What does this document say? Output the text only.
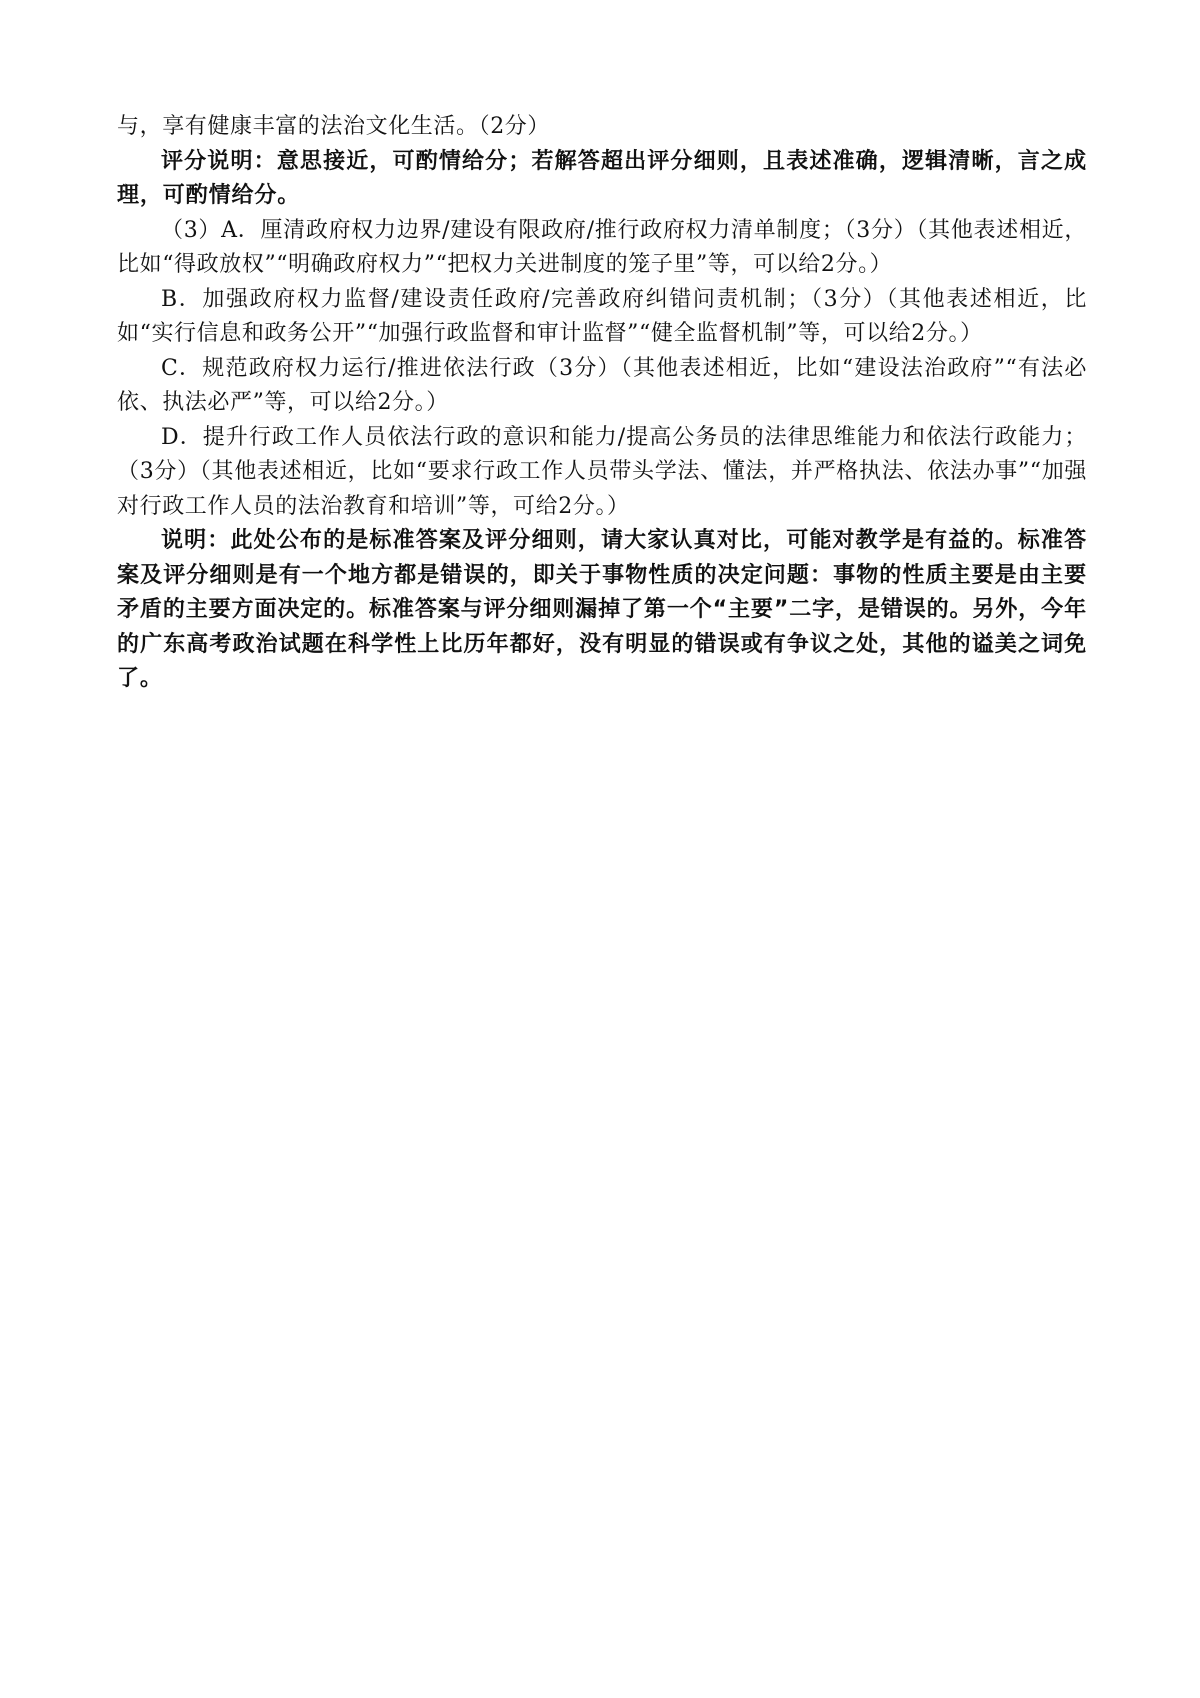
与，享有健康丰富的法治文化生活。（2分）

评分说明：意思接近，可酌情给分；若解答超出评分细则，且表述准确，逻辑清晰，言之成理，可酌情给分。

（3）A．厘清政府权力边界/建设有限政府/推行政府权力清单制度；（3分）（其他表述相近，比如“得政放权”“明确政府权力”“把权力关进制度的笼子里”等，可以给2分。）

B．加强政府权力监督/建设责任政府/完善政府纠错问责机制；（3分）（其他表述相近，比如“实行信息和政务公开”“加强行政监督和审计监督”“健全监督机制”等，可以给2分。）

C．规范政府权力运行/推进依法行政（3分）（其他表述相近，比如“建设法治政府”“有法必依、执法必严”等，可以给2分。）

D．提升行政工作人员依法行政的意识和能力/提高公务员的法律思维能力和依法行政能力；（3分）（其他表述相近，比如“要求行政工作人员带头学法、懂法，并严格执法、依法办事”“加强对行政工作人员的法治教育和培训”等，可给2分。）

说明：此处公布的是标准答案及评分细则，请大家认真对比，可能对教学是有益的。标准答案及评分细则是有一个地方都是错误的，即关于事物性质的决定问题：事物的性质主要是由主要矛盾的主要方面决定的。标准答案与评分细则漏掉了第一个“主要”二字，是错误的。另外，今年的广东高考政治试题在科学性上比历年都好，没有明显的错误或有争议之处，其他的谥美之词免了。
